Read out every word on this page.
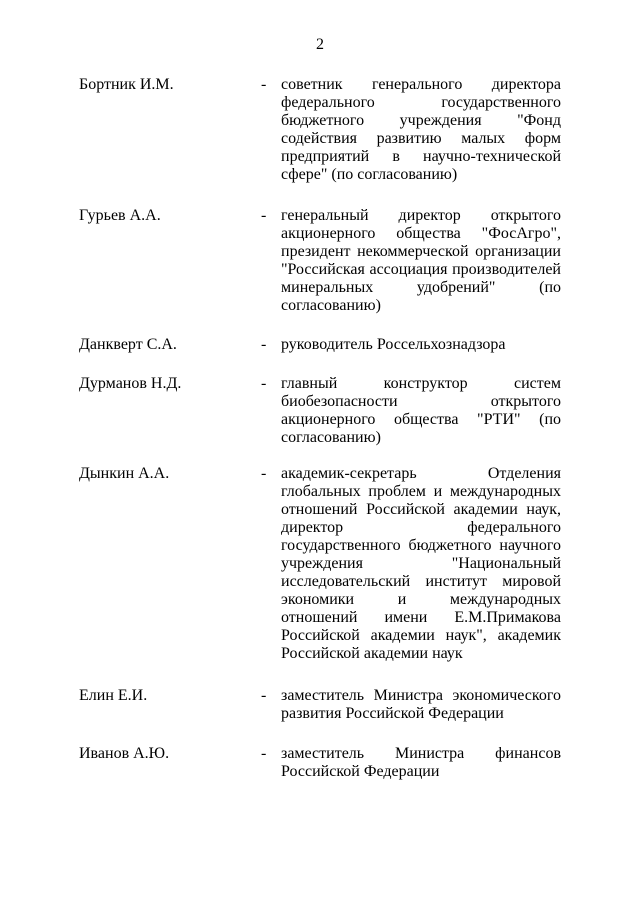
2
Бортник И.М.	- советник генерального директора
федерального государственного
бюджетного учреждения "Фонд
содействия развитию малых форм
предприятий в научно-технической
сфере" (по согласованию)
Гурьев А.А.	- генеральный директор открытого
акционерного общества "ФосАгро",
президент некоммерческой организации
"Российская ассоциация производителей
минеральных удобрений" (по
согласованию)
Данкверт С.А.	- руководитель Россельхознадзора
Дурманов Н.Д.	- главный конструктор систем
биобезопасности открытого
акционерного общества "РТИ" (по
согласованию)
Дынкин А.А.	- академик-секретарь Отделения
глобальных проблем и международных
отношений Российской академии наук,
директор федерального
государственного бюджетного научного
учреждения "Национальный
исследовательский институт мировой
экономики и международных
отношений имени Е.М.Примакова
Российской академии наук", академик
Российской академии наук
Елин Е.И.	- заместитель Министра экономического
развития Российской Федерации
Иванов А.Ю.	- заместитель Министра финансов
Российской Федерации
